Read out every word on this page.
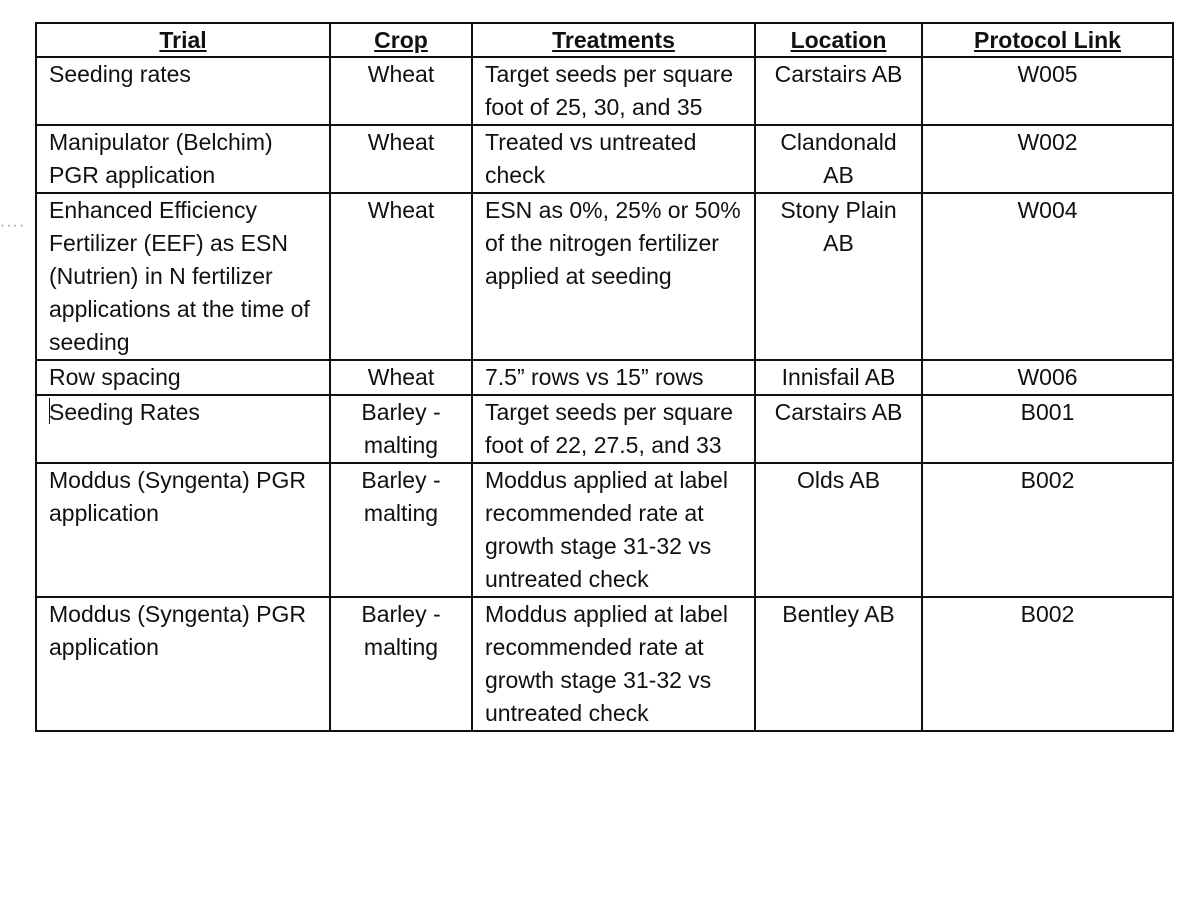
····
Trial	Crop	Treatments	Location	Protocol Link
Seeding rates	Wheat	Target seeds per square foot of 25, 30, and 35	Carstairs AB	W005
Manipulator (Belchim) PGR application	Wheat	Treated vs untreated check	Clandonald AB	W002
Enhanced Efficiency Fertilizer (EEF) as ESN (Nutrien) in N fertilizer applications at the time of seeding	Wheat	ESN as 0%, 25% or 50% of the nitrogen fertilizer applied at seeding	Stony Plain AB	W004
Row spacing	Wheat	7.5” rows vs 15” rows	Innisfail AB	W006
Seeding Rates	Barley - malting	Target seeds per square foot of 22, 27.5, and 33	Carstairs AB	B001
Moddus (Syngenta) PGR application	Barley - malting	Moddus applied at label recommended rate at growth stage 31-32 vs untreated check	Olds AB	B002
Moddus (Syngenta) PGR application	Barley - malting	Moddus applied at label recommended rate at growth stage 31-32 vs untreated check	Bentley AB	B002
